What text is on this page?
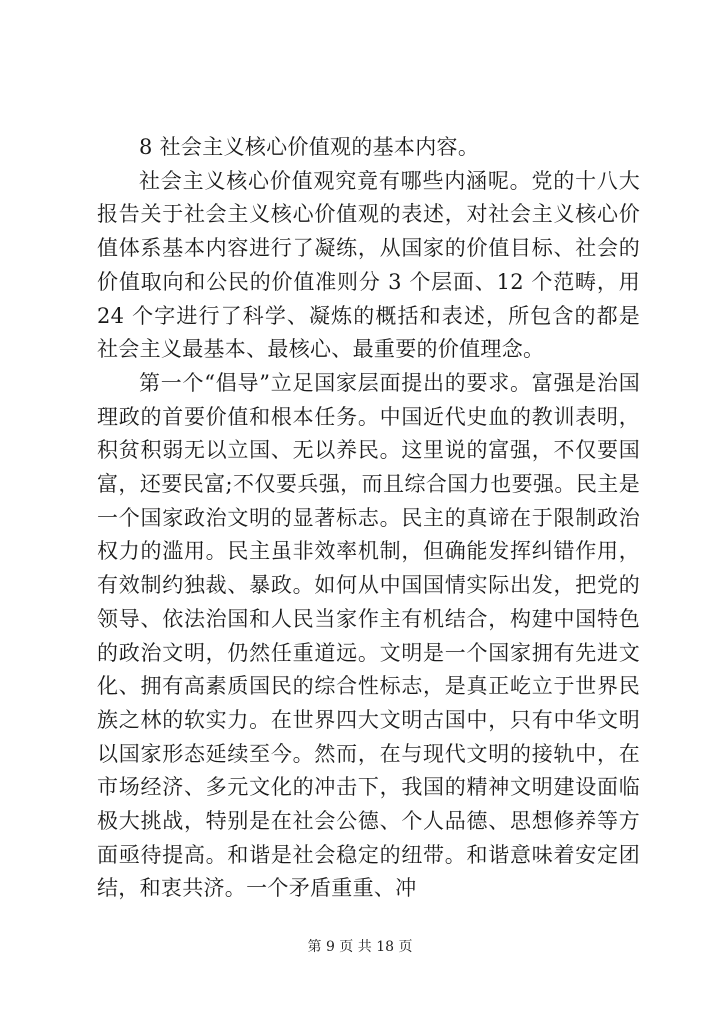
8 社会主义核心价值观的基本内容。

社会主义核心价值观究竟有哪些内涵呢。党的十八大报告关于社会主义核心价值观的表述，对社会主义核心价值体系基本内容进行了凝练，从国家的价值目标、社会的价值取向和公民的价值准则分 3 个层面、12 个范畴，用 24 个字进行了科学、凝炼的概括和表述，所包含的都是社会主义最基本、最核心、最重要的价值理念。

第一个“倡导”立足国家层面提出的要求。富强是治国理政的首要价值和根本任务。中国近代史血的教训表明，积贫积弱无以立国、无以养民。这里说的富强，不仅要国富，还要民富;不仅要兵强，而且综合国力也要强。民主是一个国家政治文明的显著标志。民主的真谛在于限制政治权力的滥用。民主虽非效率机制，但确能发挥纠错作用，有效制约独裁、暴政。如何从中国国情实际出发，把党的领导、依法治国和人民当家作主有机结合，构建中国特色的政治文明，仍然任重道远。文明是一个国家拥有先进文化、拥有高素质国民的综合性标志，是真正屹立于世界民族之林的软实力。在世界四大文明古国中，只有中华文明以国家形态延续至今。然而，在与现代文明的接轨中，在市场经济、多元文化的冲击下，我国的精神文明建设面临极大挑战，特别是在社会公德、个人品德、思想修养等方面亟待提高。和谐是社会稳定的纽带。和谐意味着安定团结，和衷共济。一个矛盾重重、冲

第 9 页 共 18 页
